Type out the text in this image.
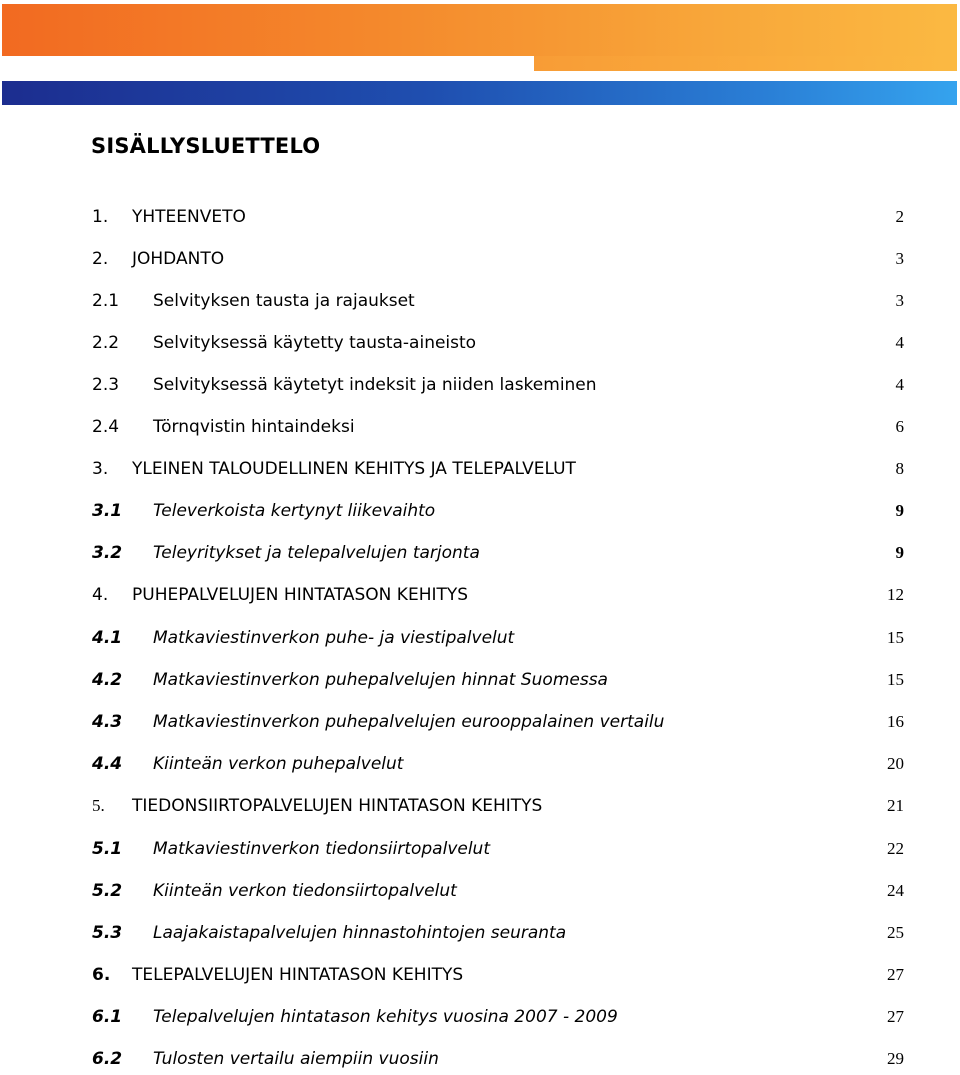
SISÄLLYSLUETTELO
1. YHTEENVETO	2
2. JOHDANTO	3
2.1 Selvityksen tausta ja rajaukset	3
2.2 Selvityksessä käytetty tausta-aineisto	4
2.3 Selvityksessä käytetyt indeksit ja niiden laskeminen	4
2.4 Törnqvistin hintaindeksi	6
3. YLEINEN TALOUDELLINEN KEHITYS JA TELEPALVELUT	8
3.1 Televerkoista kertynyt liikevaihto	9
3.2 Teleyritykset ja telepalvelujen tarjonta	9
4. PUHEPALVELUJEN HINTATASON KEHITYS	12
4.1 Matkaviestinverkon puhe- ja viestipalvelut	15
4.2 Matkaviestinverkon puhepalvelujen hinnat Suomessa	15
4.3 Matkaviestinverkon puhepalvelujen eurooppalainen vertailu	16
4.4 Kiinteän verkon puhepalvelut	20
5. TIEDONSIIRTOPALVELUJEN HINTATASON KEHITYS	21
5.1 Matkaviestinverkon tiedonsiirtopalvelut	22
5.2 Kiinteän verkon tiedonsiirtopalvelut	24
5.3 Laajakaistapalvelujen hinnastohintojen seuranta	25
6. TELEPALVELUJEN HINTATASON KEHITYS	27
6.1 Telepalvelujen hintatason kehitys vuosina 2007 - 2009	27
6.2 Tulosten vertailu aiempiin vuosiin	29
